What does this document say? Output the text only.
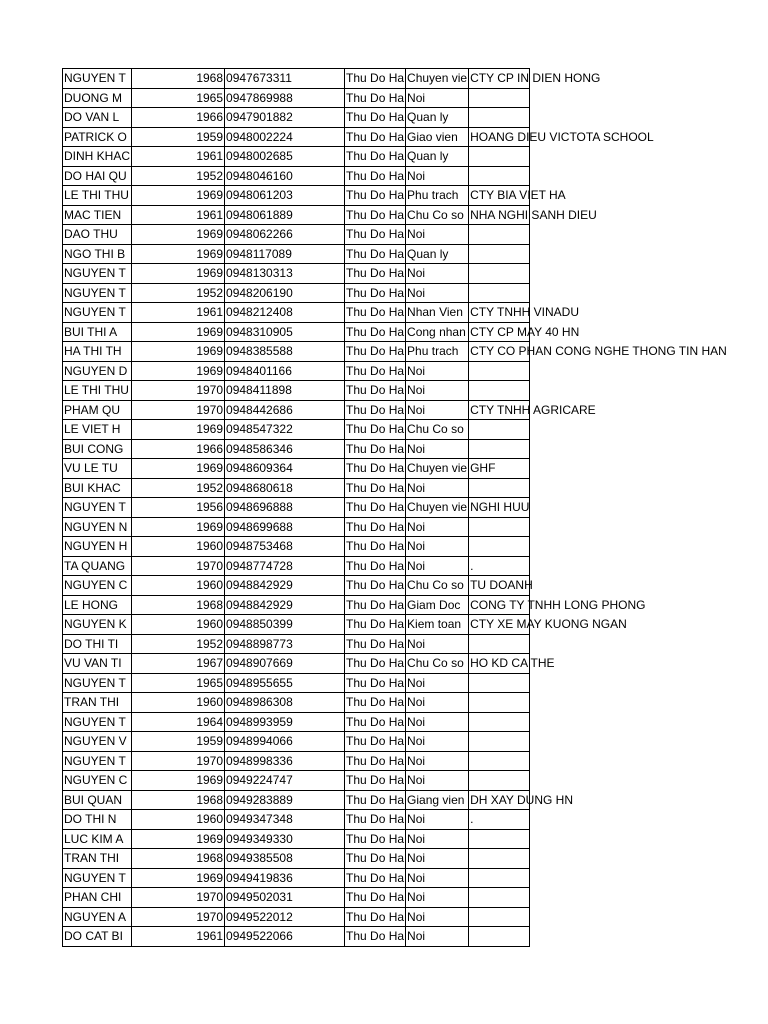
NGUYEN T	1968	0947673311	Thu Do Ha	Chuyen vie	CTY CP IN DIEN HONG

DUONG M	1965	0947869988	Thu Do Ha	Noi	

DO VAN L	1966	0947901882	Thu Do Ha	Quan ly	

PATRICK O	1959	0948002224	Thu Do Ha	Giao vien	HOANG DIEU VICTOTA SCHOOL

DINH KHAC	1961	0948002685	Thu Do Ha	Quan ly	

DO HAI QU	1952	0948046160	Thu Do Ha	Noi	

LE THI THU	1969	0948061203	Thu Do Ha	Phu trach	CTY BIA VIET HA

MAC TIEN	1961	0948061889	Thu Do Ha	Chu Co so	NHA NGHI SANH DIEU

DAO THU	1969	0948062266	Thu Do Ha	Noi	

NGO THI B	1969	0948117089	Thu Do Ha	Quan ly	

NGUYEN T	1969	0948130313	Thu Do Ha	Noi	

NGUYEN T	1952	0948206190	Thu Do Ha	Noi	

NGUYEN T	1961	0948212408	Thu Do Ha	Nhan Vien	CTY TNHH VINADU

BUI THI A	1969	0948310905	Thu Do Ha	Cong nhan	CTY CP MAY 40 HN

HA THI TH	1969	0948385588	Thu Do Ha	Phu trach	CTY CO PHAN CONG NGHE THONG TIN HAN

NGUYEN D	1969	0948401166	Thu Do Ha	Noi	

LE THI THU	1970	0948411898	Thu Do Ha	Noi	

PHAM QU	1970	0948442686	Thu Do Ha	Noi	CTY TNHH AGRICARE

LE VIET H	1969	0948547322	Thu Do Ha	Chu Co so	

BUI CONG	1966	0948586346	Thu Do Ha	Noi	

VU LE TU	1969	0948609364	Thu Do Ha	Chuyen vie	GHF

BUI KHAC	1952	0948680618	Thu Do Ha	Noi	

NGUYEN T	1956	0948696888	Thu Do Ha	Chuyen vie	NGHI HUU

NGUYEN N	1969	0948699688	Thu Do Ha	Noi	

NGUYEN H	1960	0948753468	Thu Do Ha	Noi	

TA QUANG	1970	0948774728	Thu Do Ha	Noi	.

NGUYEN C	1960	0948842929	Thu Do Ha	Chu Co so	TU DOANH

LE HONG	1968	0948842929	Thu Do Ha	Giam Doc	CONG TY TNHH LONG PHONG

NGUYEN K	1960	0948850399	Thu Do Ha	Kiem toan	CTY XE MAY KUONG NGAN

DO THI TI	1952	0948898773	Thu Do Ha	Noi	

VU VAN TI	1967	0948907669	Thu Do Ha	Chu Co so	HO KD CA THE

NGUYEN T	1965	0948955655	Thu Do Ha	Noi	

TRAN THI	1960	0948986308	Thu Do Ha	Noi	

NGUYEN T	1964	0948993959	Thu Do Ha	Noi	

NGUYEN V	1959	0948994066	Thu Do Ha	Noi	

NGUYEN T	1970	0948998336	Thu Do Ha	Noi	

NGUYEN C	1969	0949224747	Thu Do Ha	Noi	

BUI QUAN	1968	0949283889	Thu Do Ha	Giang vien	DH XAY DUNG HN

DO THI N	1960	0949347348	Thu Do Ha	Noi	.

LUC KIM A	1969	0949349330	Thu Do Ha	Noi	

TRAN THI	1968	0949385508	Thu Do Ha	Noi	

NGUYEN T	1969	0949419836	Thu Do Ha	Noi	

PHAN CHI	1970	0949502031	Thu Do Ha	Noi	

NGUYEN A	1970	0949522012	Thu Do Ha	Noi	

DO CAT BI	1961	0949522066	Thu Do Ha	Noi	
